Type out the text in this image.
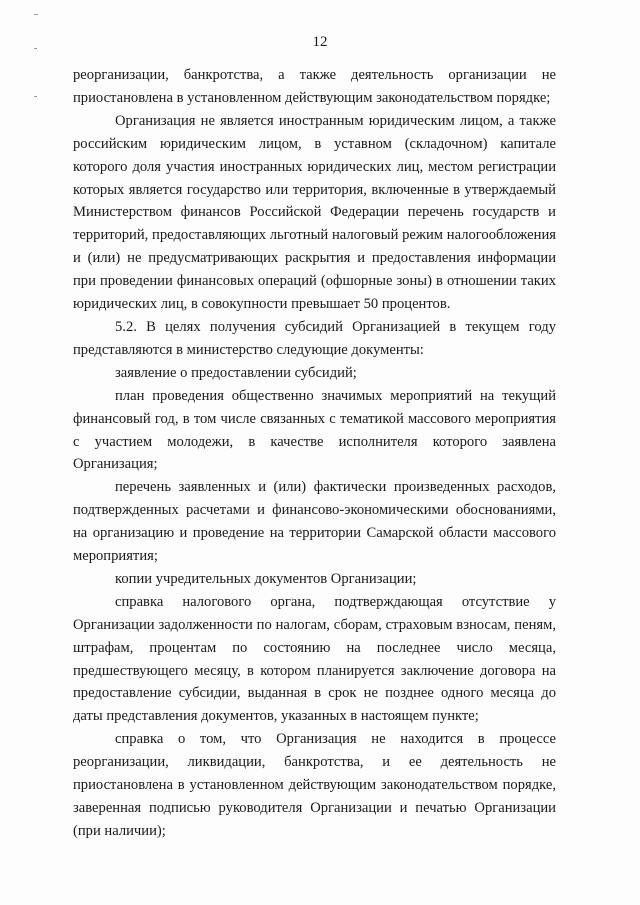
12

реорганизации, банкротства, а также деятельность организации не приостановлена в установленном действующим законодательством порядке;

Организация не является иностранным юридическим лицом, а также российским юридическим лицом, в уставном (складочном) капитале которого доля участия иностранных юридических лиц, местом регистрации которых является государство или территория, включенные в утверждаемый Министерством финансов Российской Федерации перечень государств и территорий, предоставляющих льготный налоговый режим налогообложения и (или) не предусматривающих раскрытия и предоставления информации при проведении финансовых операций (офшорные зоны) в отношении таких юридических лиц, в совокупности превышает 50 процентов.

5.2. В целях получения субсидий Организацией в текущем году представляются в министерство следующие документы:

заявление о предоставлении субсидий;

план проведения общественно значимых мероприятий на текущий финансовый год, в том числе связанных с тематикой массового мероприятия с участием молодежи, в качестве исполнителя которого заявлена Организация;

перечень заявленных и (или) фактически произведенных расходов, подтвержденных расчетами и финансово-экономическими обоснованиями, на организацию и проведение на территории Самарской области массового мероприятия;

копии учредительных документов Организации;

справка налогового органа, подтверждающая отсутствие у Организации задолженности по налогам, сборам, страховым взносам, пеням, штрафам, процентам по состоянию на последнее число месяца, предшествующего месяцу, в котором планируется заключение договора на предоставление субсидии, выданная в срок не позднее одного месяца до даты представления документов, указанных в настоящем пункте;

справка о том, что Организация не находится в процессе реорганизации, ликвидации, банкротства, и ее деятельность не приостановлена в установленном действующим законодательством порядке, заверенная подписью руководителя Организации и печатью Организации (при наличии);
